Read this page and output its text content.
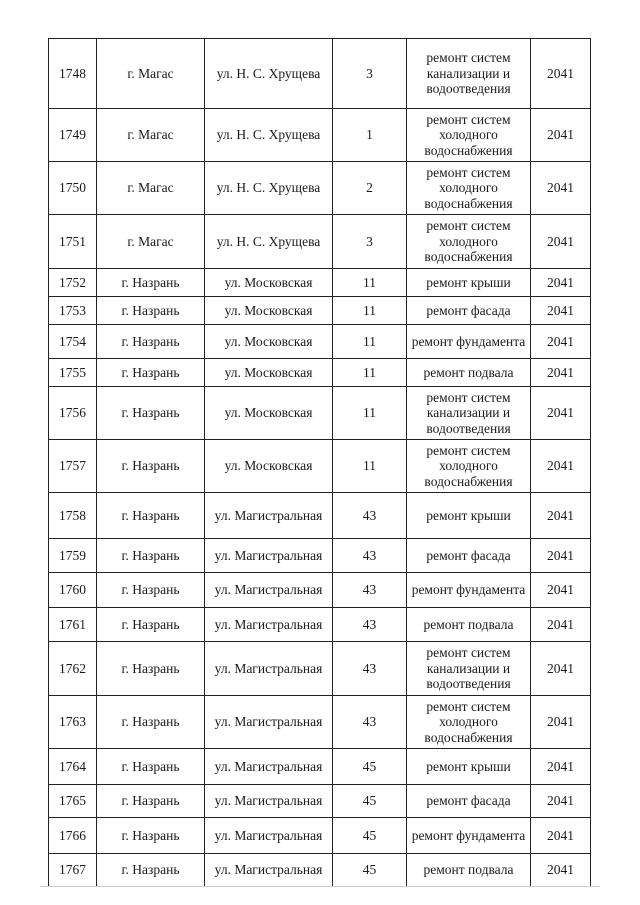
1748	г. Магас	ул. Н. С. Хрущева	3	ремонт систем канализации и водоотведения	2041
1749	г. Магас	ул. Н. С. Хрущева	1	ремонт систем холодного водоснабжения	2041
1750	г. Магас	ул. Н. С. Хрущева	2	ремонт систем холодного водоснабжения	2041
1751	г. Магас	ул. Н. С. Хрущева	3	ремонт систем холодного водоснабжения	2041
1752	г. Назрань	ул. Московская	11	ремонт крыши	2041
1753	г. Назрань	ул. Московская	11	ремонт фасада	2041
1754	г. Назрань	ул. Московская	11	ремонт фундамента	2041
1755	г. Назрань	ул. Московская	11	ремонт подвала	2041
1756	г. Назрань	ул. Московская	11	ремонт систем канализации и водоотведения	2041
1757	г. Назрань	ул. Московская	11	ремонт систем холодного водоснабжения	2041
1758	г. Назрань	ул. Магистральная	43	ремонт крыши	2041
1759	г. Назрань	ул. Магистральная	43	ремонт фасада	2041
1760	г. Назрань	ул. Магистральная	43	ремонт фундамента	2041
1761	г. Назрань	ул. Магистральная	43	ремонт подвала	2041
1762	г. Назрань	ул. Магистральная	43	ремонт систем канализации и водоотведения	2041
1763	г. Назрань	ул. Магистральная	43	ремонт систем холодного водоснабжения	2041
1764	г. Назрань	ул. Магистральная	45	ремонт крыши	2041
1765	г. Назрань	ул. Магистральная	45	ремонт фасада	2041
1766	г. Назрань	ул. Магистральная	45	ремонт фундамента	2041
1767	г. Назрань	ул. Магистральная	45	ремонт подвала	2041
